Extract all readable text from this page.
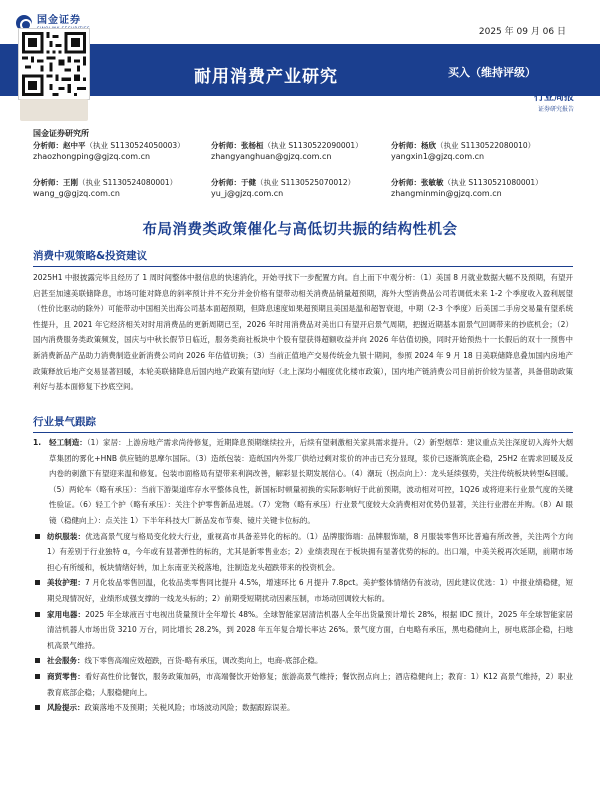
耐用消费产业研究	买入（维持评级）
国金证券
2025 年 09 月 06 日
行业周报
证券研究报告
国金证券研究所
分析师：赵中平（执业 S1130524050003）
zhaozhongping@gjzq.com.cn
分析师：张杨桓（执业 S1130522090001）
zhangyanghuan@gjzq.com.cn
分析师：杨欣（执业 S1130522080010）
yangxin1@gjzq.com.cn
分析师：王刚（执业 S1130524080001）
wang_g@gjzq.com.cn
分析师：于健（执业 S1130525070012）
yu_j@gjzq.com.cn
分析师：张敏敏（执业 S1130521080001）
zhangminmin@gjzq.com.cn
布局消费类政策催化与高低切共振的结构性机会
消费中观策略&投资建议

2025H1 中报披露完毕且经历了 1 周时间整体中报信息的快速消化，开始寻找下一步配置方向。自上而下中观分析：（1）美国 8 月就业数据大幅不及预期，有望开启甚至加速美联储降息，市场可能对降息的斜率预计并不充分并金价格有望带动相关消费品销量超预期，海外大型消费品公司若调低未来 1-2 个季度收入盈利展望（性价比驱动的除外）可能带动中国相关出海公司基本面超预期，但降息速度如果超预期且美国是温和超智衰退，中期（2-3 个季度）后美国二手房交易量有望系统性提升，且 2021 年它经济相关对时用消费品的更新周期已至，2026 年时用消费品对美出口有望开启景气周期，把握近期基本面景气回调带来的抄底机会；（2）国内消费服务类政策频发，国庆与中秋长假节日临近，服务类商社板块中个股有望获得超额收益并向 2026 年估值切换，同时开始预热十一长假后的双十一预售中新消费新品产品助力消费制造业新消费公司向 2026 年估值切换；（3）当前正值地产交易传统金九银十期间，参照 2024 年 9 月 18 日美联储降息叠加国内房地产政策释放后地产交易显著回暖，本轮美联储降息后国内地产政策有望向好（北上深均小幅度优化楼市政策），国内地产链消费公司目前折价较为显著，具备借助政策利好与基本面修复下抄底空间。

行业景气跟踪
1. 轻工制造：（1）家居：上游房地产需求尚待修复，近期降息预期继续拉升，后续有望刺激相关家具需求提升。（2）新型烟草：建议重点关注深度切入海外大烟草集团的雾化+HNB 供应链的思摩尔国际。（3）造纸包装：造纸国内外浆厂供给过剩对浆价的冲击已充分显现，浆价已逐渐筑底企稳，25H2 在需求回暖及反内卷的刺激下有望迎来温和修复。包装市面格局有望带来利润改善，解彩显长期发展信心。（4）潮玩（拐点向上）：龙头延续强势，关注传统板块转型&回暖。（5）两轮车（略有承压）：当前下游渠道库存水平整体良性，新国标时顿量初换的实际影响好于此前预期，波动相对可控，1Q26 或将迎来行业景气度的关键性验证。（6）轻工个护（略有承压）：关注个护零售新品进展。（7）宠物（略有承压）行业景气度较大众消费相对优势仍显著，关注行业潜在并购。（8）AI 眼镜（稳健向上）：点关注 1）下半年科技大厂新品发布节奏、镜片关键卡位标的。
纺织服装：优选高景气度与格局变化较大行业，重视高市具备差异化的标的。（1）品牌服饰端：品牌服饰端，8 月服装零售环比普遍有所改善，关注两个方向 1）有差别于行业独特 α，今年或有显著弹性的标的，尤其是新零售业态；2）业绩表现在于板块拥有显著优势的标的。出口端，中美关税再次延期，前期市场担心有所缓和，板块情绪好转，加上东南亚关税落地，注制造龙头超跌带来的投资机会。
美妆护理：7 月化妆品零售回温，化妆品类零售同比提升 4.5%，增速环比 6 月提升 7.8pct。美护整体情绪仍有波动，因此建议优选：1）中报业绩稳健，短期兑现情况好，业绩形成强支撑的一线龙头标的；2）前期受短期扰动因素压制，市场动回调较大标的。
家用电器：2025 年全球液百寸电视出货量预计全年增长 48%。全球智能家居清洁机器人全年出货量预计增长 28%，根据 IDC 预计，2025 年全球智能家居清洁机器人市场出货 3210 万台，同比增长 28.2%，到 2028 年五年复合增长率达 26%。景气度方面，白电略有承压，黑电稳健向上，厨电底部企稳，扫地机高景气维持。
社会服务：线下零售高端应效超跌，百货-略有承压，调改类向上，电商-底部企稳。
商贸零售：看好高性价比餐饮，服务政策加码，市高端餐饮开始修复；旅游高景气维持；餐饮拐点向上；酒店稳健向上；教育：1）K12 高景气维持，2）职业教育底部企稳；人服稳健向上。
风险提示：政策落地不及预期；关税风险；市场波动风险；数据跟踪误差。
